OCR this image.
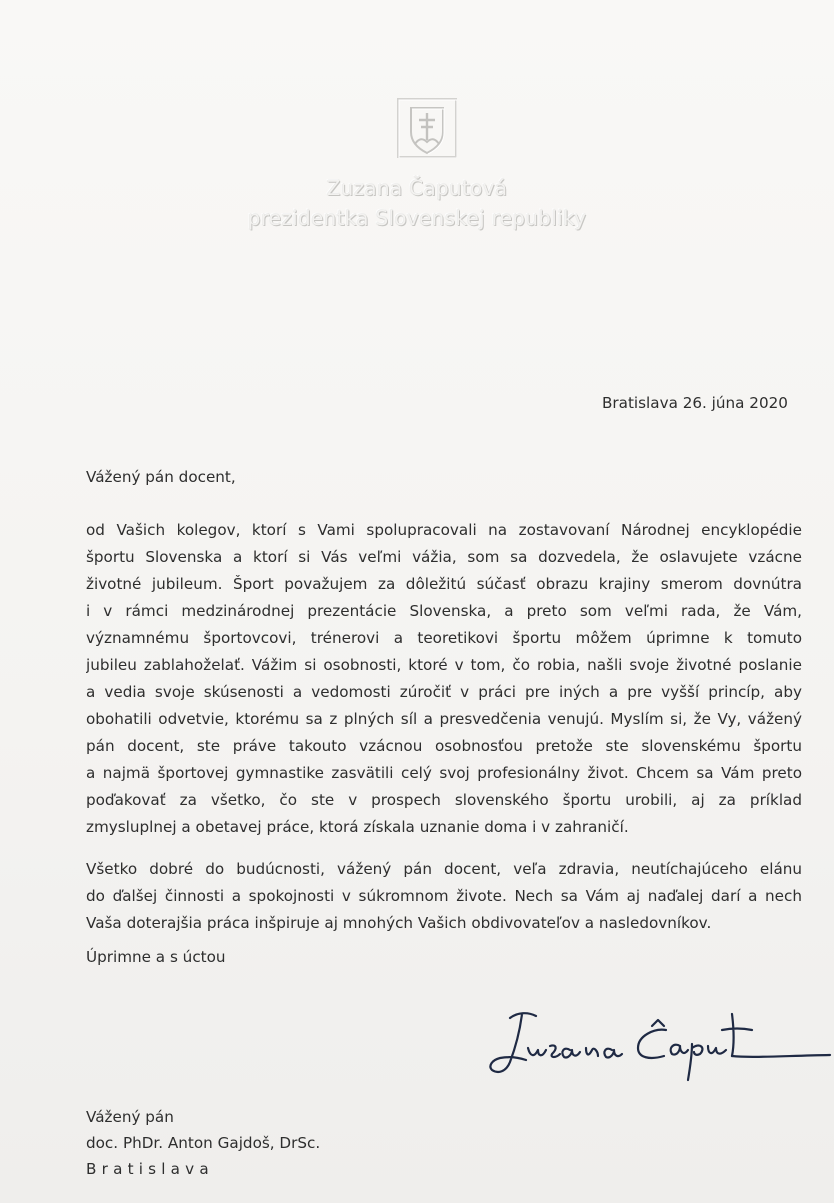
Zuzana Čaputová
prezidentka Slovenskej republiky
Bratislava 26. júna 2020
Vážený pán docent,
od Vašich kolegov, ktorí s Vami spolupracovali na zostavovaní Národnej encyklopédie
športu Slovenska a ktorí si Vás veľmi vážia, som sa dozvedela, že oslavujete vzácne
životné jubileum. Šport považujem za dôležitú súčasť obrazu krajiny smerom dovnútra
i v rámci medzinárodnej prezentácie Slovenska, a preto som veľmi rada, že Vám,
významnému športovcovi, trénerovi a teoretikovi športu môžem úprimne k tomuto
jubileu zablahoželať. Vážim si osobnosti, ktoré v tom, čo robia, našli svoje životné poslanie
a vedia svoje skúsenosti a vedomosti zúročiť v práci pre iných a pre vyšší princíp, aby
obohatili odvetvie, ktorému sa z plných síl a presvedčenia venujú. Myslím si, že Vy, vážený
pán docent, ste práve takouto vzácnou osobnosťou pretože ste slovenskému športu
a najmä športovej gymnastike zasvätili celý svoj profesionálny život. Chcem sa Vám preto
poďakovať za všetko, čo ste v prospech slovenského športu urobili, aj za príklad
zmysluplnej a obetavej práce, ktorá získala uznanie doma i v zahraničí.
Všetko dobré do budúcnosti, vážený pán docent, veľa zdravia, neutíchajúceho elánu
do ďalšej činnosti a spokojnosti v súkromnom živote. Nech sa Vám aj naďalej darí a nech
Vaša doterajšia práca inšpiruje aj mnohých Vašich obdivovateľov a nasledovníkov.
Úprimne a s úctou
Vážený pán
doc. PhDr. Anton Gajdoš, DrSc.
Bratislava
